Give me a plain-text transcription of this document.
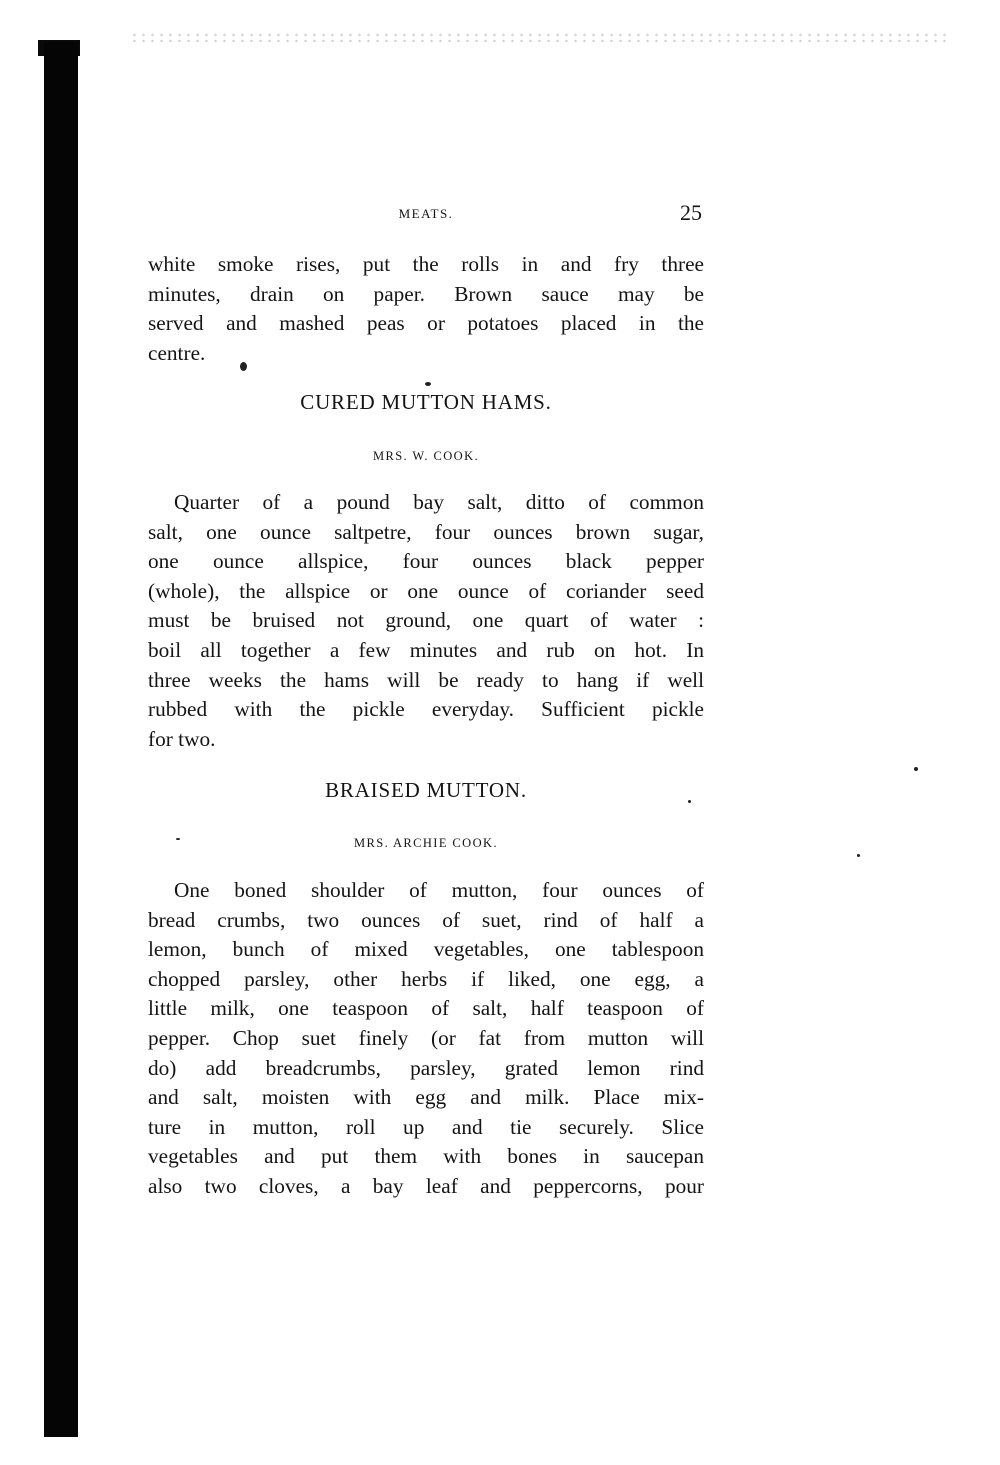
MEATS.	25

white smoke rises, put the rolls in and fry three
minutes, drain on paper. Brown sauce may be
served and mashed peas or potatoes placed in the
centre.

CURED MUTTON HAMS.
MRS. W. COOK.

Quarter of a pound bay salt, ditto of common
salt, one ounce saltpetre, four ounces brown sugar,
one ounce allspice, four ounces black pepper
(whole), the allspice or one ounce of coriander seed
must be bruised not ground, one quart of water :
boil all together a few minutes and rub on hot. In
three weeks the hams will be ready to hang if well
rubbed with the pickle everyday. Sufficient pickle
for two.

BRAISED MUTTON.
MRS. ARCHIE COOK.

One boned shoulder of mutton, four ounces of
bread crumbs, two ounces of suet, rind of half a
lemon, bunch of mixed vegetables, one tablespoon
chopped parsley, other herbs if liked, one egg, a
little milk, one teaspoon of salt, half teaspoon of
pepper. Chop suet finely (or fat from mutton will
do) add breadcrumbs, parsley, grated lemon rind
and salt, moisten with egg and milk. Place mix-
ture in mutton, roll up and tie securely. Slice
vegetables and put them with bones in saucepan
also two cloves, a bay leaf and peppercorns, pour
